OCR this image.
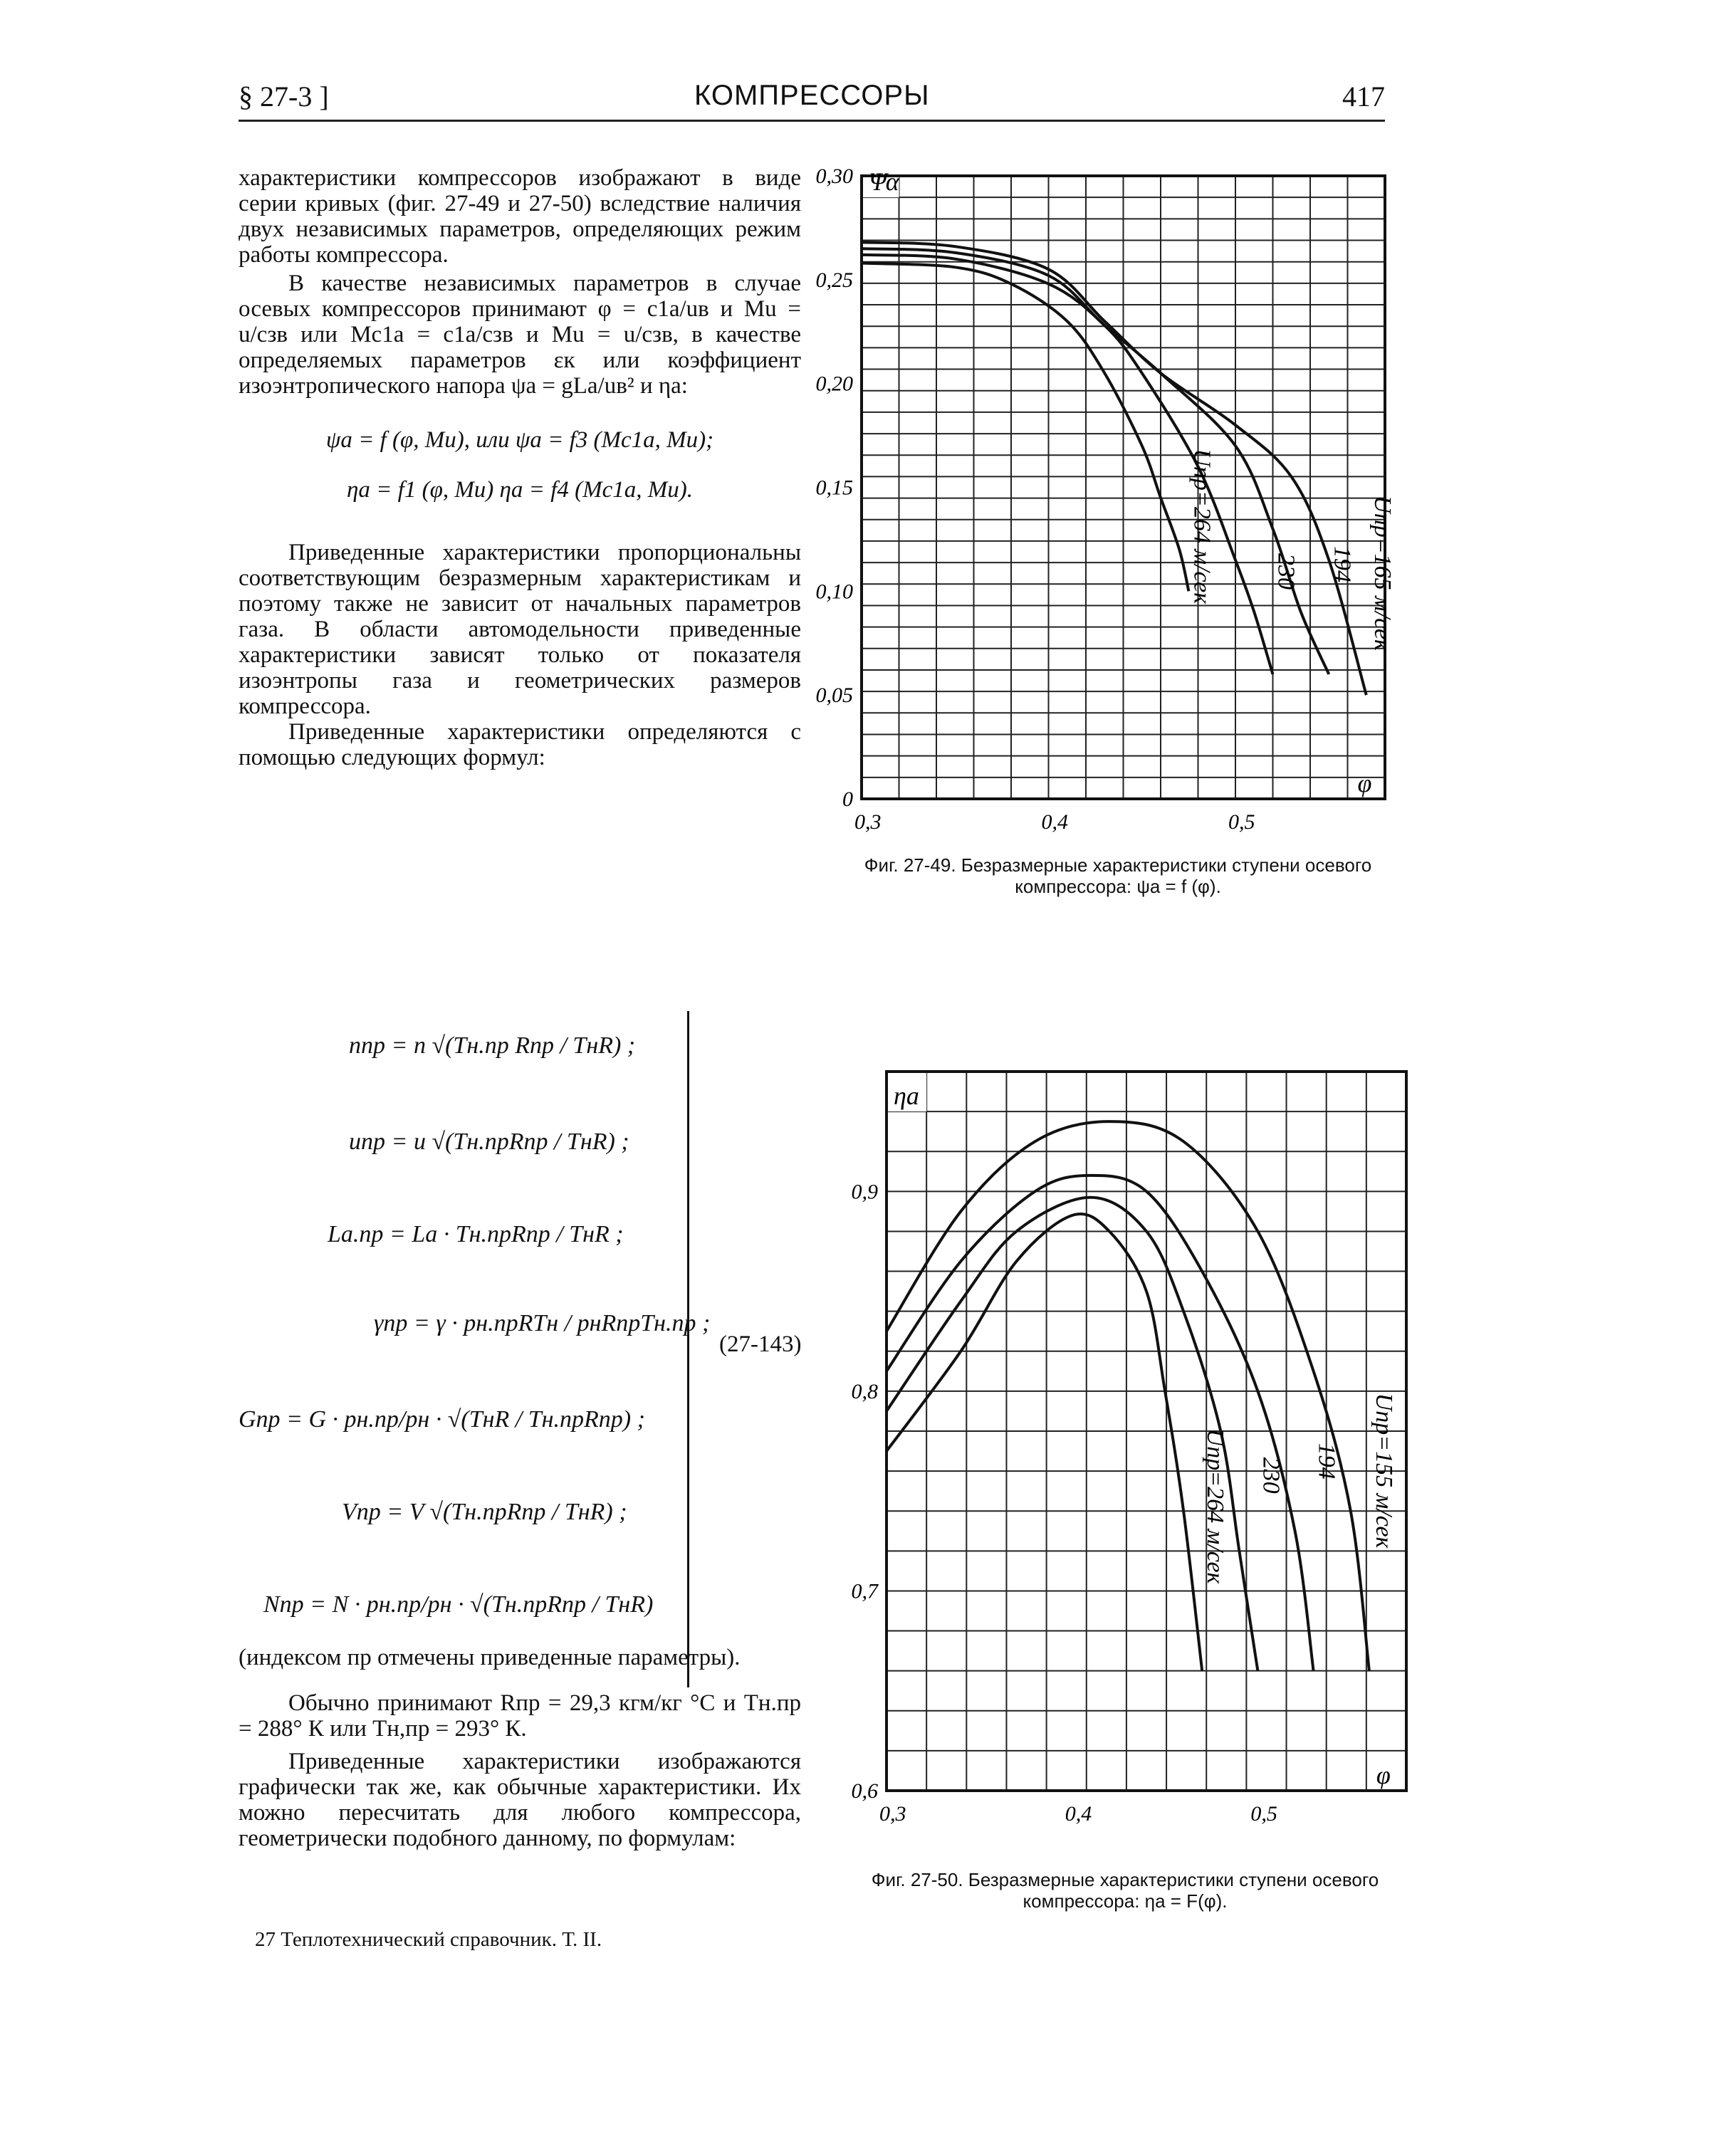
§ 27-3 ]	КОМПРЕССОРЫ	417

характеристики компрессоров изображают в виде серии кривых (фиг. 27-49 и 27-50) вследствие наличия двух независимых параметров, определяющих режим работы компрессора.

В качестве независимых параметров в случае осевых компрессоров принимают φ = c1a/uв и Mu = u/cзв или Mc1a = c1a/cзв и Mu = u/cзв, в качестве определяемых параметров εк или коэффициент изоэнтропического напора ψa = gLa/uв² и ηa:

ψa = f (φ, Mu), или ψa = f3 (Mc1a, Mu);

ηa = f1 (φ, Mu) ηa = f4 (Mc1a, Mu).

Приведенные характеристики пропорциональны соответствующим безразмерным характеристикам и поэтому также не зависит от начальных параметров газа. В области автомодельности приведенные характеристики зависят только от показателя изоэнтропы газа и геометрических размеров компрессора.

Приведенные характеристики определяются с помощью следующих формул:

nпр = n √(Tн.пр Rпр / TнR) ;
uпр = u √(Tн.прRпр / TнR) ;
La.пр = La · Tн.прRпр / TнR ;
γпр = γ · pн.прRTн / pнRпрTн.пр ;
Gпр = G · pн.пр/pн · √(TнR / Tн.прRпр) ;
Vпр = V √(Tн.прRпр / TнR) ;
Nпр = N · pн.пр/pн · √(Tн.прRпр / TнR)
(27-143)

(индексом пр отмечены приведенные параметры).

Обычно принимают Rпр = 29,3 кгм/кг °С и Tн.пр = 288° К или Tн,пр = 293° К.

Приведенные характеристики изображаются графически так же, как обычные характеристики. Их можно пересчитать для любого компрессора, геометрически подобного данному, по формулам:

27 Теплотехнический справочник. Т. II.
Ψα
φ
0,3	0,4	0,5
0
0,05
0,10
0,15
0,20
0,25
0,30
Uпр=165 м/сек
194
230
Uпр=264 м/сек
Фиг. 27-49. Безразмерные характеристики ступени осевого компрессора: ψa = f (φ).
ηa
φ
0,3	0,4	0,5
0,6
0,7
0,8
0,9
Uпр=155 м/сек
194
230
Uпр=264 м/сек
Фиг. 27-50. Безразмерные характеристики ступени осевого компрессора: ηa = F(φ).
